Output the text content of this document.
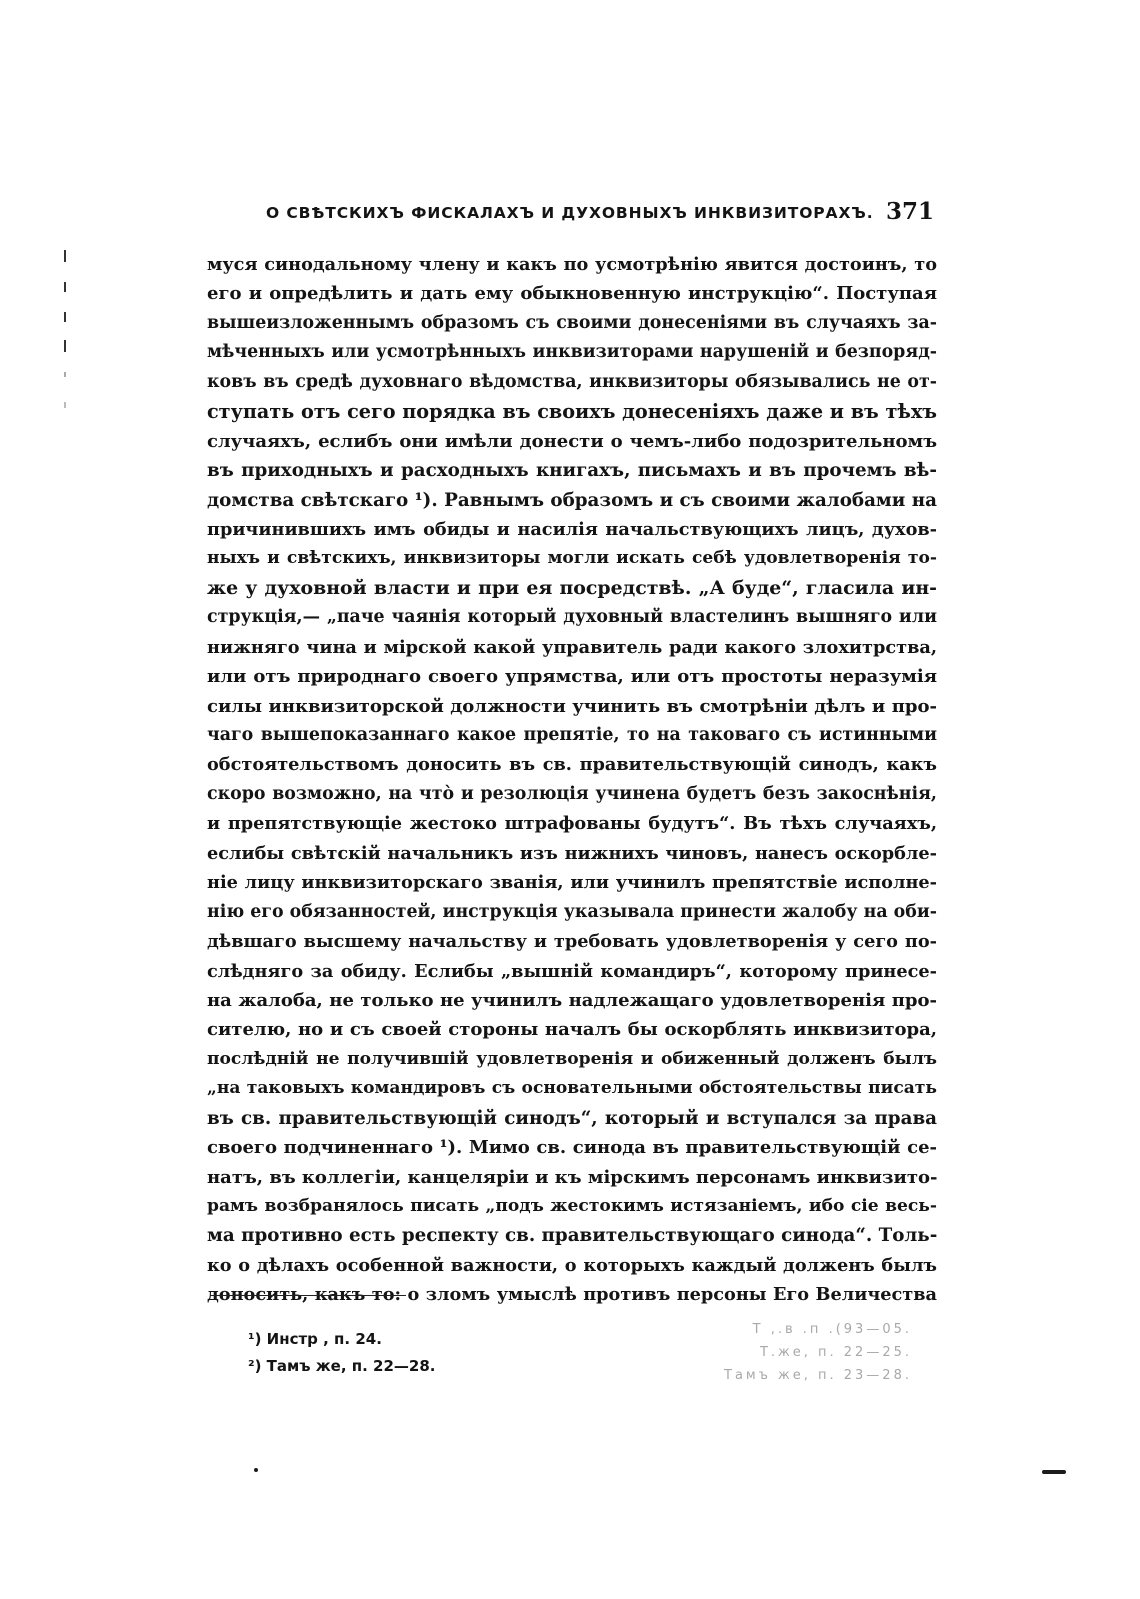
О СВѢТСКИХЪ ФИСКАЛАХЪ И ДУХОВНЫХЪ ИНКВИЗИТОРАХЪ. 371
муся синодальному члену и какъ по усмотрѣнію явится достоинъ, то
его и опредѣлить и дать ему обыкновенную инструкцію“. Поступая
вышеизложеннымъ образомъ съ своими донесеніями въ случаяхъ за-
мѣченныхъ или усмотрѣнныхъ инквизиторами нарушеній и безпоряд-
ковъ въ средѣ духовнаго вѣдомства, инквизиторы обязывались не от-
ступать отъ сего порядка въ своихъ донесеніяхъ даже и въ тѣхъ
случаяхъ, еслибъ они имѣли донести о чемъ-либо подозрительномъ
въ приходныхъ и расходныхъ книгахъ, письмахъ и въ прочемъ вѣ-
домства свѣтскаго ¹). Равнымъ образомъ и съ своими жалобами на
причинившихъ имъ обиды и насилія начальствующихъ лицъ, духов-
ныхъ и свѣтскихъ, инквизиторы могли искать себѣ удовлетворенія то-
же у духовной власти и при ея посредствѣ. „А буде“, гласила ин-
струкція,— „паче чаянія который духовный властелинъ вышняго или
нижняго чина и мірской какой управитель ради какого злохитрства,
или отъ природнаго своего упрямства, или отъ простоты неразумія
силы инквизиторской должности учинить въ смотрѣніи дѣлъ и про-
чаго вышепоказаннаго какое препятіе, то на таковаго съ истинными
обстоятельствомъ доносить въ св. правительствующій синодъ, какъ
скоро возможно, на что̀ и резолюція учинена будетъ безъ закоснѣнія,
и препятствующіе жестоко штрафованы будутъ“. Въ тѣхъ случаяхъ,
еслибы свѣтскій начальникъ изъ нижнихъ чиновъ, нанесъ оскорбле-
ніе лицу инквизиторскаго званія, или учинилъ препятствіе исполне-
нію его обязанностей, инструкція указывала принести жалобу на оби-
дѣвшаго высшему начальству и требовать удовлетворенія у сего по-
слѣдняго за обиду. Еслибы „вышній командиръ“, которому принесе-
на жалоба, не только не учинилъ надлежащаго удовлетворенія про-
сителю, но и съ своей стороны началъ бы оскорблять инквизитора,
послѣдній не получившій удовлетворенія и обиженный долженъ былъ
„на таковыхъ командировъ съ основательными обстоятельствы писать
въ св. правительствующій синодъ“, который и вступался за права
своего подчиненнаго ¹). Мимо св. синода въ правительствующій се-
натъ, въ коллегіи, канцеляріи и къ мірскимъ персонамъ инквизито-
рамъ возбранялось писать „подъ жестокимъ истязаніемъ, ибо сіе весь-
ма противно есть респекту св. правительствующаго синода“. Толь-
ко о дѣлахъ особенной важности, о которыхъ каждый долженъ былъ
доносить, какъ то: о зломъ умыслѣ противъ персоны Его Величества
¹) Инстр , п. 24.
²) Тамъ же, п. 22—28.
Т ,.в .п .(93—05.
Т.же, п. 22—25.
Тамъ же, п. 23—28.
